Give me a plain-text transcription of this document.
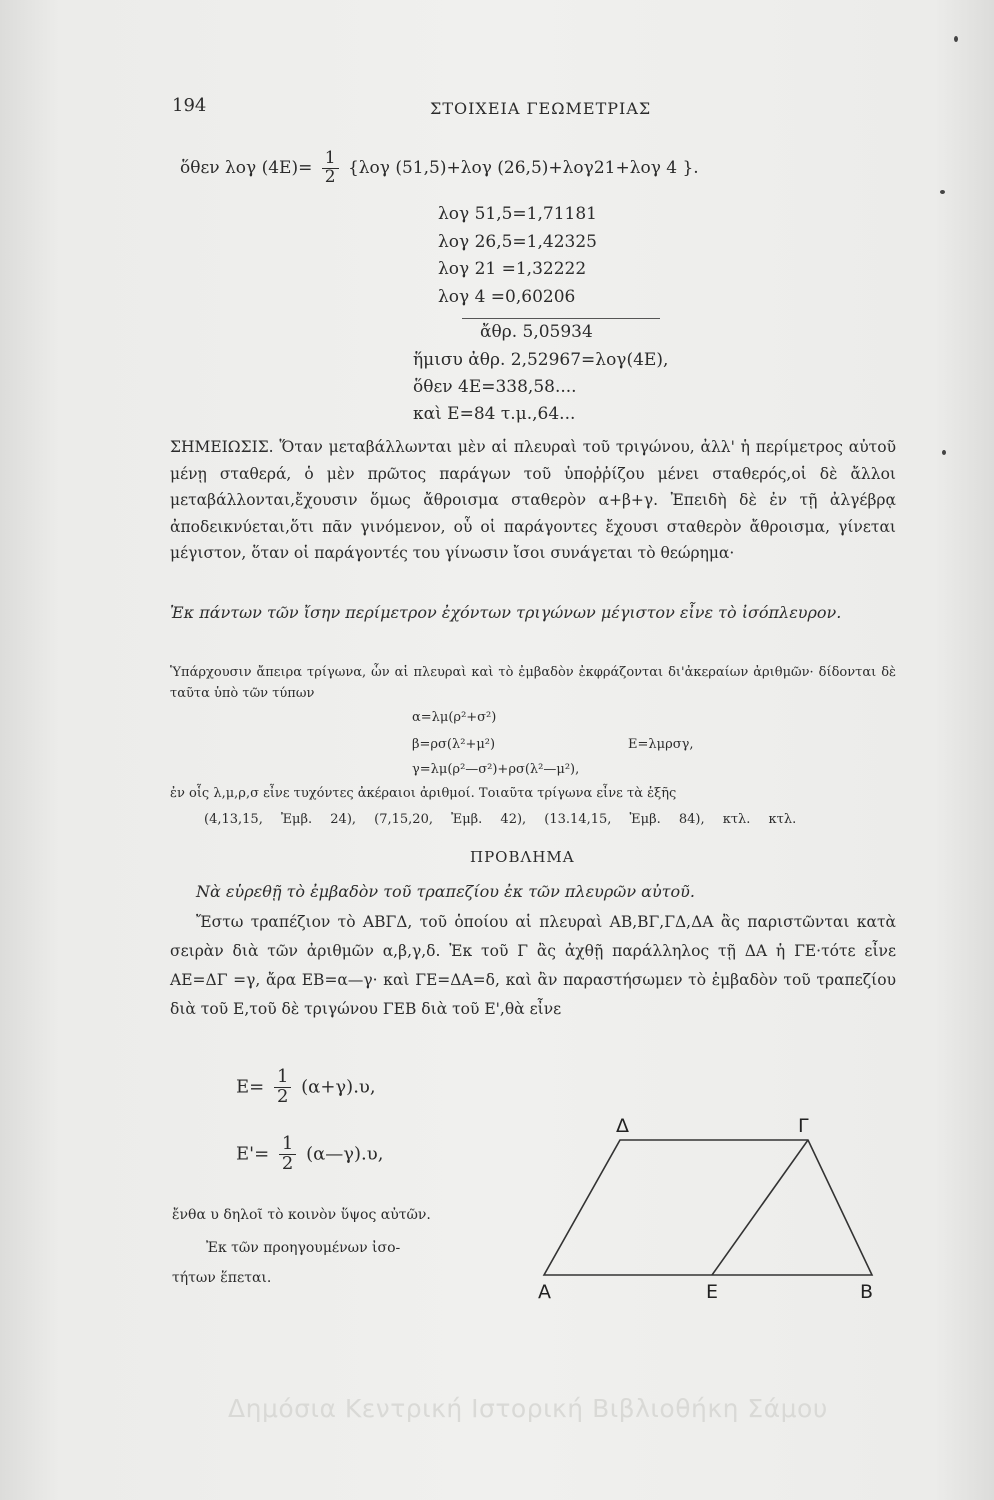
194	ΣΤΟΙΧΕΙΑ ΓΕΩΜΕΤΡΙΑΣ
ὅθεν λογ $(4E)= \frac{1}{2} \{\lambda o\gamma$ (51,5)+λογ (26,5)+λογ21+λογ 4 }.
λογ 51,5=1,71181
λογ 26,5=1,42325
λογ 21 =1,32222
λογ 4 =0,60206
ἄθρ. 5,05934
ἥμισυ ἀθρ. 2,52967=λογ(4Ε),
ὅθεν 4Ε=338,58....
καὶ Ε=84 τ.μ.,64...
ΣΗΜΕΙΩΣΙΣ. Ὅταν μεταβάλλωνται μὲν αἱ πλευραὶ τοῦ τριγώνου, ἀλλ' ἡ περίμετρος αὐτοῦ μένῃ σταθερά, ὁ μὲν πρῶτος παράγων τοῦ ὑποῤῥίζου μένει σταθερός,οἱ δὲ ἄλλοι μεταβάλλονται,ἔχουσιν ὅμως ἄθροισμα σταθερὸν α+β+γ. Ἐπειδὴ δὲ ἐν τῇ ἀλγέβρᾳ ἀποδεικνύεται,ὅτι πᾶν γινόμενον, οὗ οἱ παράγοντες ἔχουσι σταθερὸν ἄθροισμα, γίνεται μέγιστον, ὅταν οἱ παράγοντές του γίνωσιν ἴσοι συνάγεται τὸ θεώρημα·
Ἐκ πάντων τῶν ἴσην περίμετρον ἐχόντων τριγώνων μέγιστον εἶνε τὸ ἰσόπλευρον.
Ὑπάρχουσιν ἄπειρα τρίγωνα, ὧν αἱ πλευραὶ καὶ τὸ ἐμβαδὸν ἐκφράζονται δι'ἀκεραίων ἀριθμῶν· δίδονται δὲ ταῦτα ὑπὸ τῶν τύπων
α=λμ(ρ²+σ²)
β=ρσ(λ²+μ²)	Ε=λμρσγ,
γ=λμ(ρ²—σ²)+ρσ(λ²—μ²),
ἐν οἷς λ,μ,ρ,σ εἶνε τυχόντες ἀκέραιοι ἀριθμοί. Τοιαῦτα τρίγωνα εἶνε τὰ ἑξῆς
(4,13,15, Ἐμβ. 24), (7,15,20, Ἐμβ. 42), (13.14,15, Ἐμβ. 84), κτλ. κτλ.
ΠΡΟΒΛΗΜΑ
Νὰ εὑρεθῇ τὸ ἐμβαδὸν τοῦ τραπεζίου ἐκ τῶν πλευρῶν αὐτοῦ.
Ἔστω τραπέζιον τὸ ΑΒΓΔ, τοῦ ὁποίου αἱ πλευραὶ ΑΒ,ΒΓ,ΓΔ,ΔΑ ἂς παριστῶνται κατὰ σειρὰν διὰ τῶν ἀριθμῶν α,β,γ,δ. Ἐκ τοῦ Γ ἂς ἀχθῇ παράλληλος τῇ ΔΑ ἡ ΓΕ·τότε εἶνε ΑΕ=ΔΓ =γ, ἄρα ΕΒ=α—γ· καὶ ΓΕ=ΔΑ=δ, καὶ ἂν παραστήσωμεν τὸ ἐμβαδὸν τοῦ τραπεζίου διὰ τοῦ Ε,τοῦ δὲ τριγώνου ΓΕΒ διὰ τοῦ Ε',θὰ εἶνε
$E= \frac{1}{2} (\alpha+\gamma).\upsilon$,
$E'= \frac{1}{2}$ (α—γ).υ,
ἔνθα υ δηλοῖ τὸ κοινὸν ὕψος αὐτῶν.
Ἐκ τῶν προηγουμένων ἰσο-
τήτων ἕπεται.
Δ	Γ
Α	Ε	Β
Δημόσια Κεντρική Ιστορική Βιβλιοθήκη Σάμου
